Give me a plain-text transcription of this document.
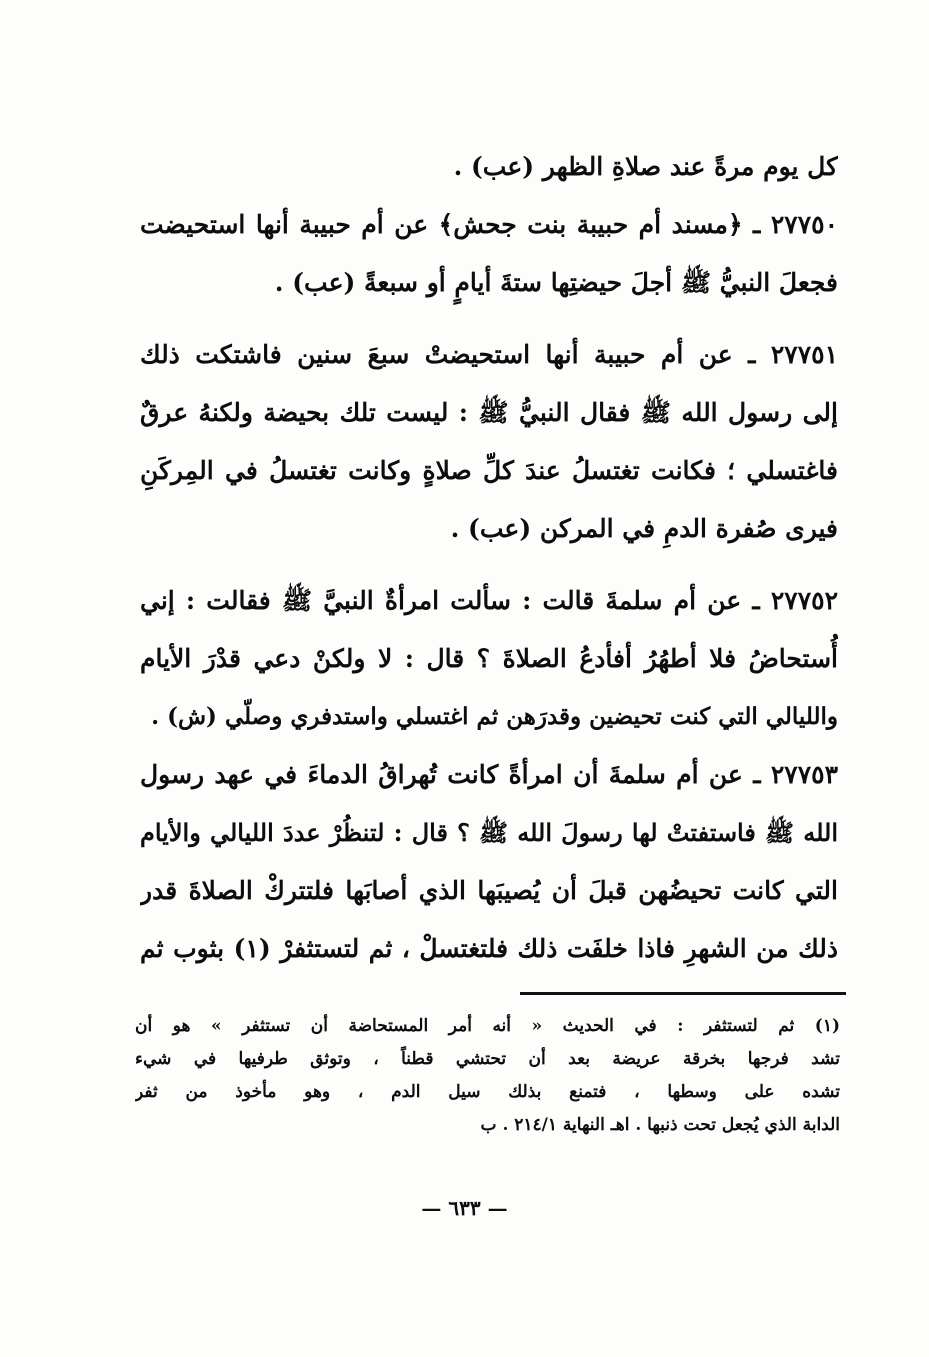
كل يوم مرةً عند صلاةِ الظهر (عب) .
٢٧٧٥٠ ـ ﴿مسند أم حبيبة بنت جحش﴾ عن أم حبيبة أنها استحيضت
فجعلَ النبيُّ ﷺ أجلَ حيضتِها ستةَ أيامٍ أو سبعةً (عب) .
٢٧٧٥١ ـ عن أم حبيبة أنها استحيضتْ سبعَ سنين فاشتكت ذلك
إلى رسول الله ﷺ فقال النبيُّ ﷺ : ليست تلك بحيضة ولكنهُ عرقٌ
فاغتسلي ؛ فكانت تغتسلُ عندَ كلِّ صلاةٍ وكانت تغتسلُ في المِركَنِ
فيرى صُفرة الدمِ في المركن (عب) .
٢٧٧٥٢ ـ عن أم سلمةَ قالت : سألت امرأةٌ النبيَّ ﷺ فقالت : إني
أُستحاضُ فلا أطهُرُ أفأدعُ الصلاةَ ؟ قال : لا ولكنْ دعي قدْرَ الأيام
والليالي التي كنت تحيضين وقدرَهن ثم اغتسلي واستدفري وصلّي (ش) .
٢٧٧٥٣ ـ عن أم سلمةَ أن امرأةً كانت تُهراقُ الدماءَ في عهد رسول
الله ﷺ فاستفتتْ لها رسولَ الله ﷺ ؟ قال : لتنظُرْ عددَ الليالي والأيام
التي كانت تحيضُهن قبلَ أن يُصيبَها الذي أصابَها فلتتركْ الصلاةَ قدر
ذلك من الشهرِ فاذا خلفَت ذلك فلتغتسلْ ، ثم لتستثفرْ (١) بثوب ثم
(١) ثم لتستثفر : في الحديث « أنه أمر المستحاضة أن تستثفر » هو أن
تشد فرجها بخرقة عريضة بعد أن تحتشي قطناً ، وتوثق طرفيها في شيء
تشده على وسطها ، فتمنع بذلك سيل الدم ، وهو مأخوذ من ثفر
الدابة الذي يُجعل تحت ذنبها . اهـ النهاية ٢١٤/١ . ب
— ٦٣٣ —
